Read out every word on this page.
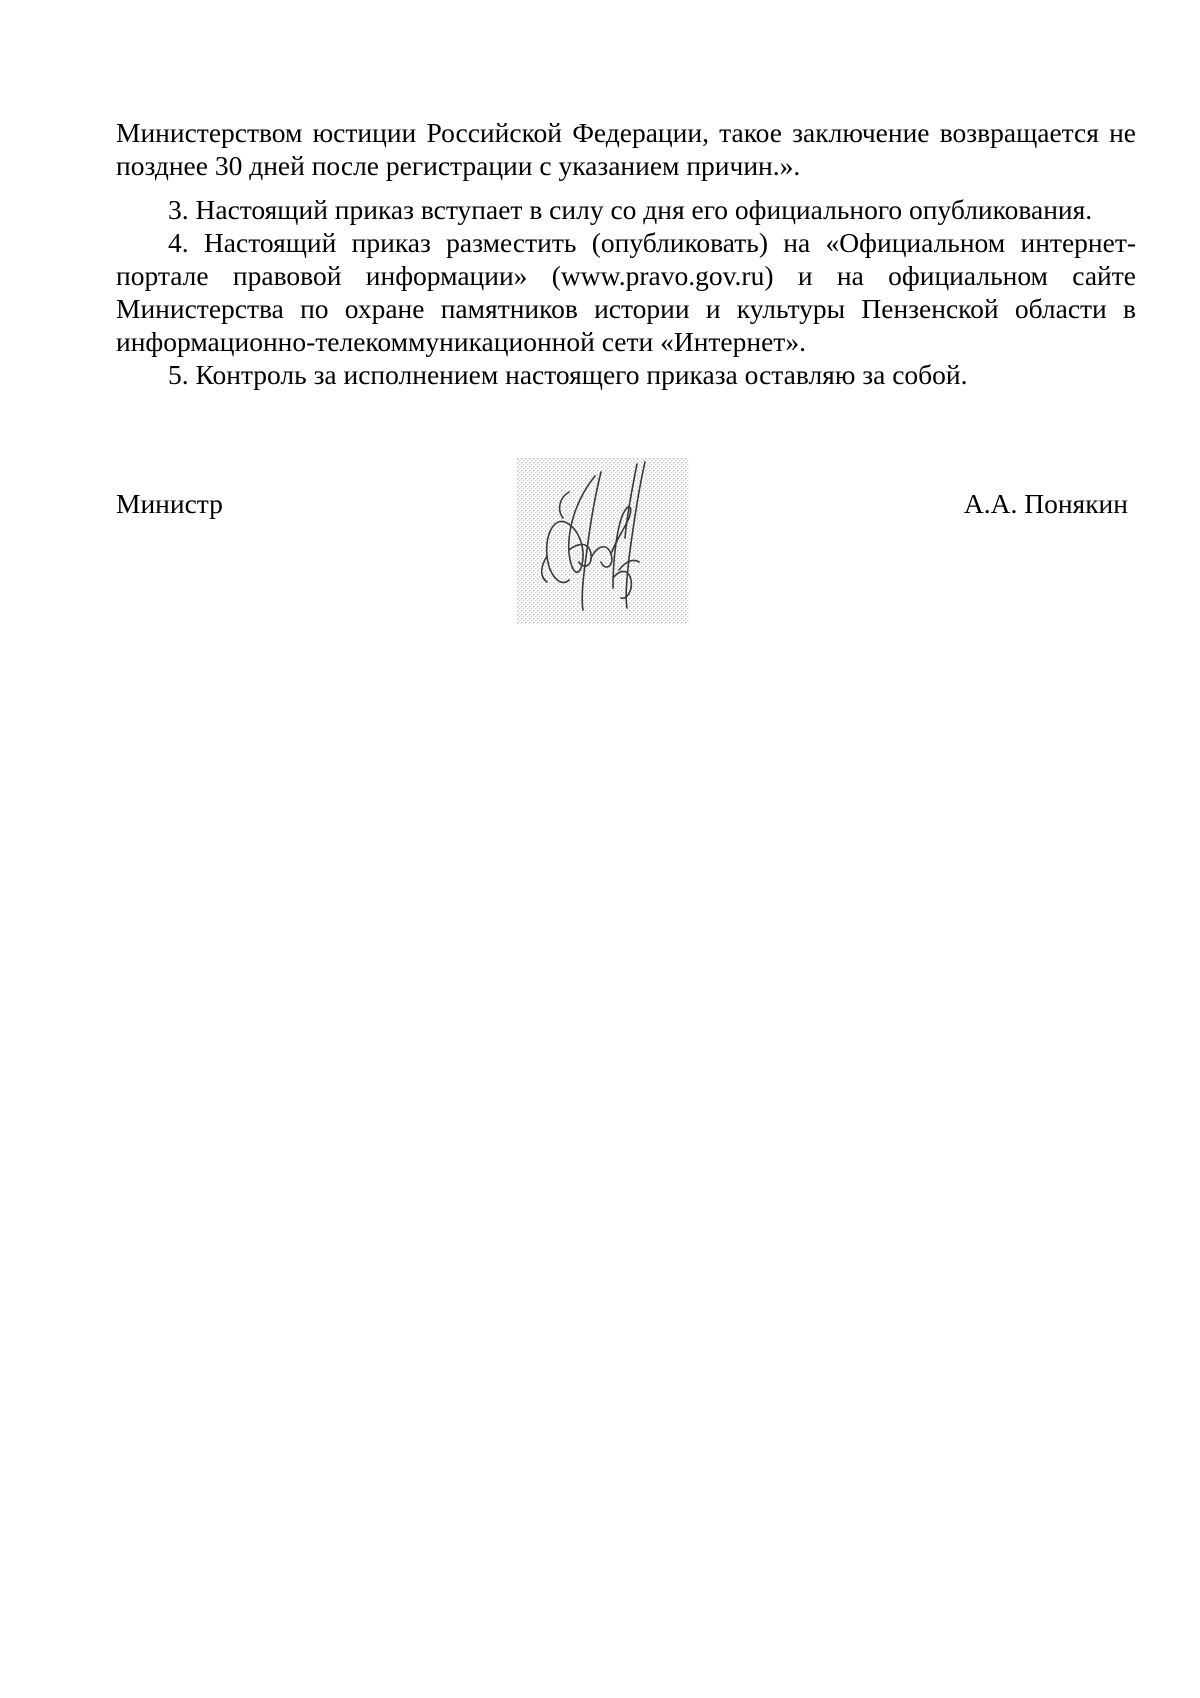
Министерством юстиции Российской Федерации, такое заключение возвращается не позднее 30 дней после регистрации с указанием причин.».

3. Настоящий приказ вступает в силу со дня его официального опубликования.

4. Настоящий приказ разместить (опубликовать) на «Официальном интернет-портале правовой информации» (www.pravo.gov.ru) и на официальном сайте Министерства по охране памятников истории и культуры Пензенской области в информационно-телекоммуникационной сети «Интернет».

5. Контроль за исполнением настоящего приказа оставляю за собой.

Министр	А.А. Понякин
